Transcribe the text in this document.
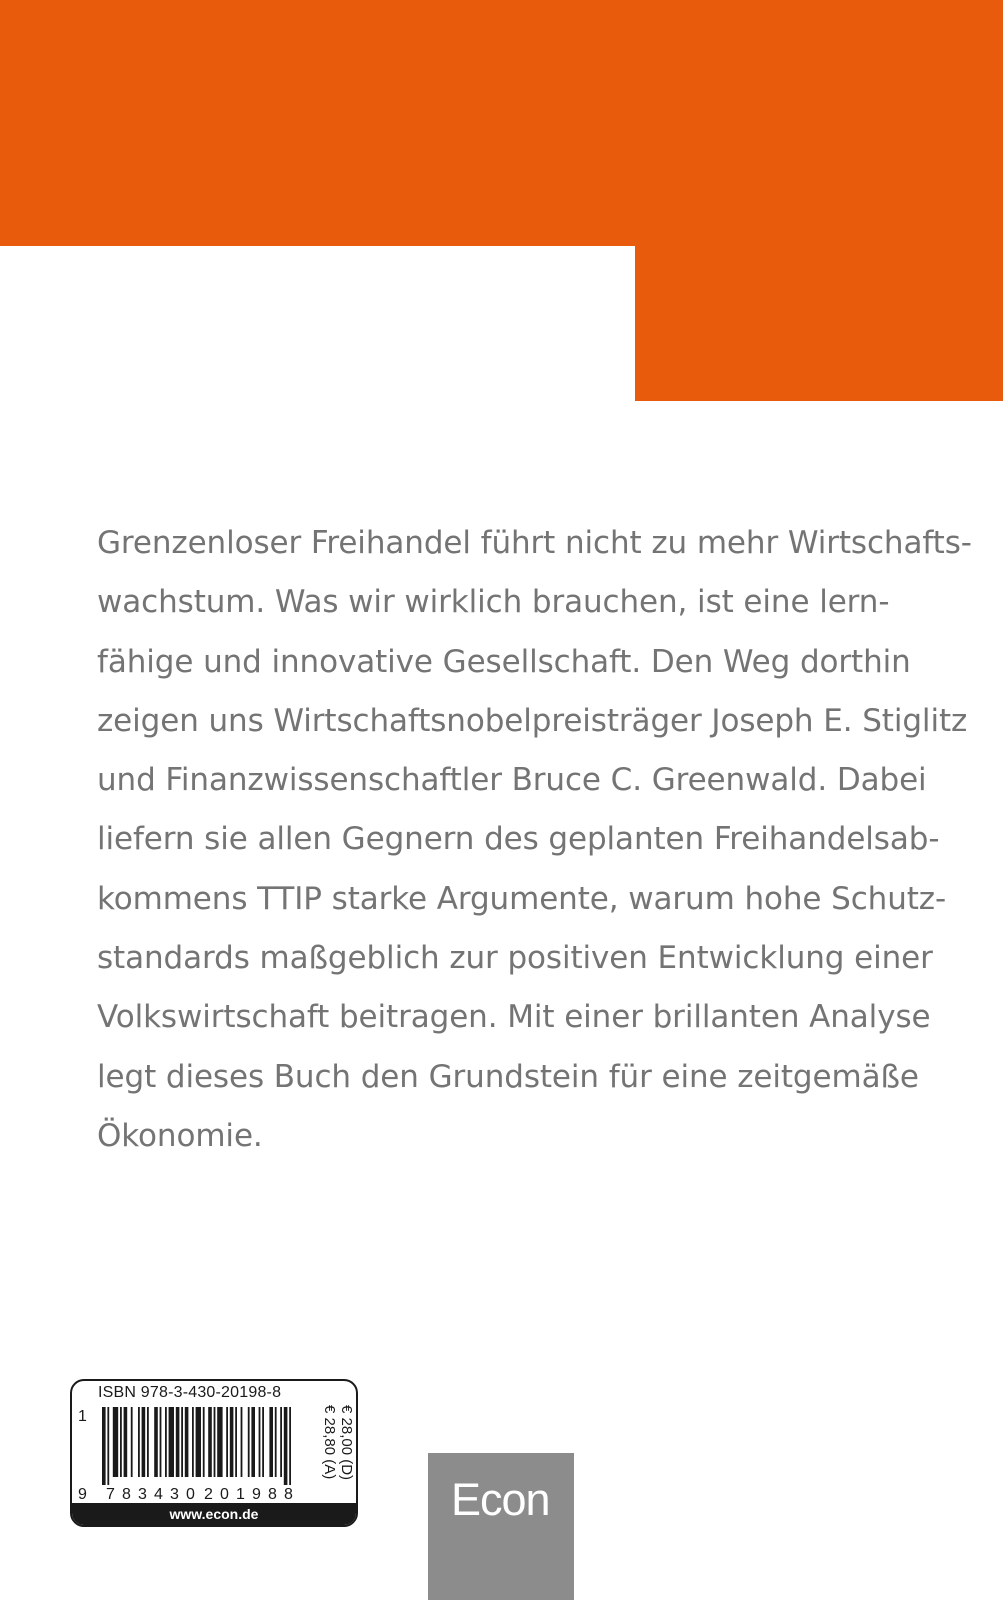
Grenzenloser Freihandel führt nicht zu mehr Wirtschafts-
wachstum. Was wir wirklich brauchen, ist eine lern-
fähige und innovative Gesellschaft. Den Weg dorthin
zeigen uns Wirtschaftsnobelpreisträger Joseph E. Stiglitz
und Finanzwissenschaftler Bruce C. Greenwald. Dabei
liefern sie allen Gegnern des geplanten Freihandelsab-
kommens TTIP starke Argumente, warum hohe Schutz-
standards maßgeblich zur positiven Entwicklung einer
Volkswirtschaft beitragen. Mit einer brillanten Analyse
legt dieses Buch den Grundstein für eine zeitgemäße
Ökonomie.
ISBN 978-3-430-20198-8
1
9 7 8 3 4 3 0 2 0 1 9 8 8
€ 28,00 (D)
€ 28,80 (A)
www.econ.de	Econ
